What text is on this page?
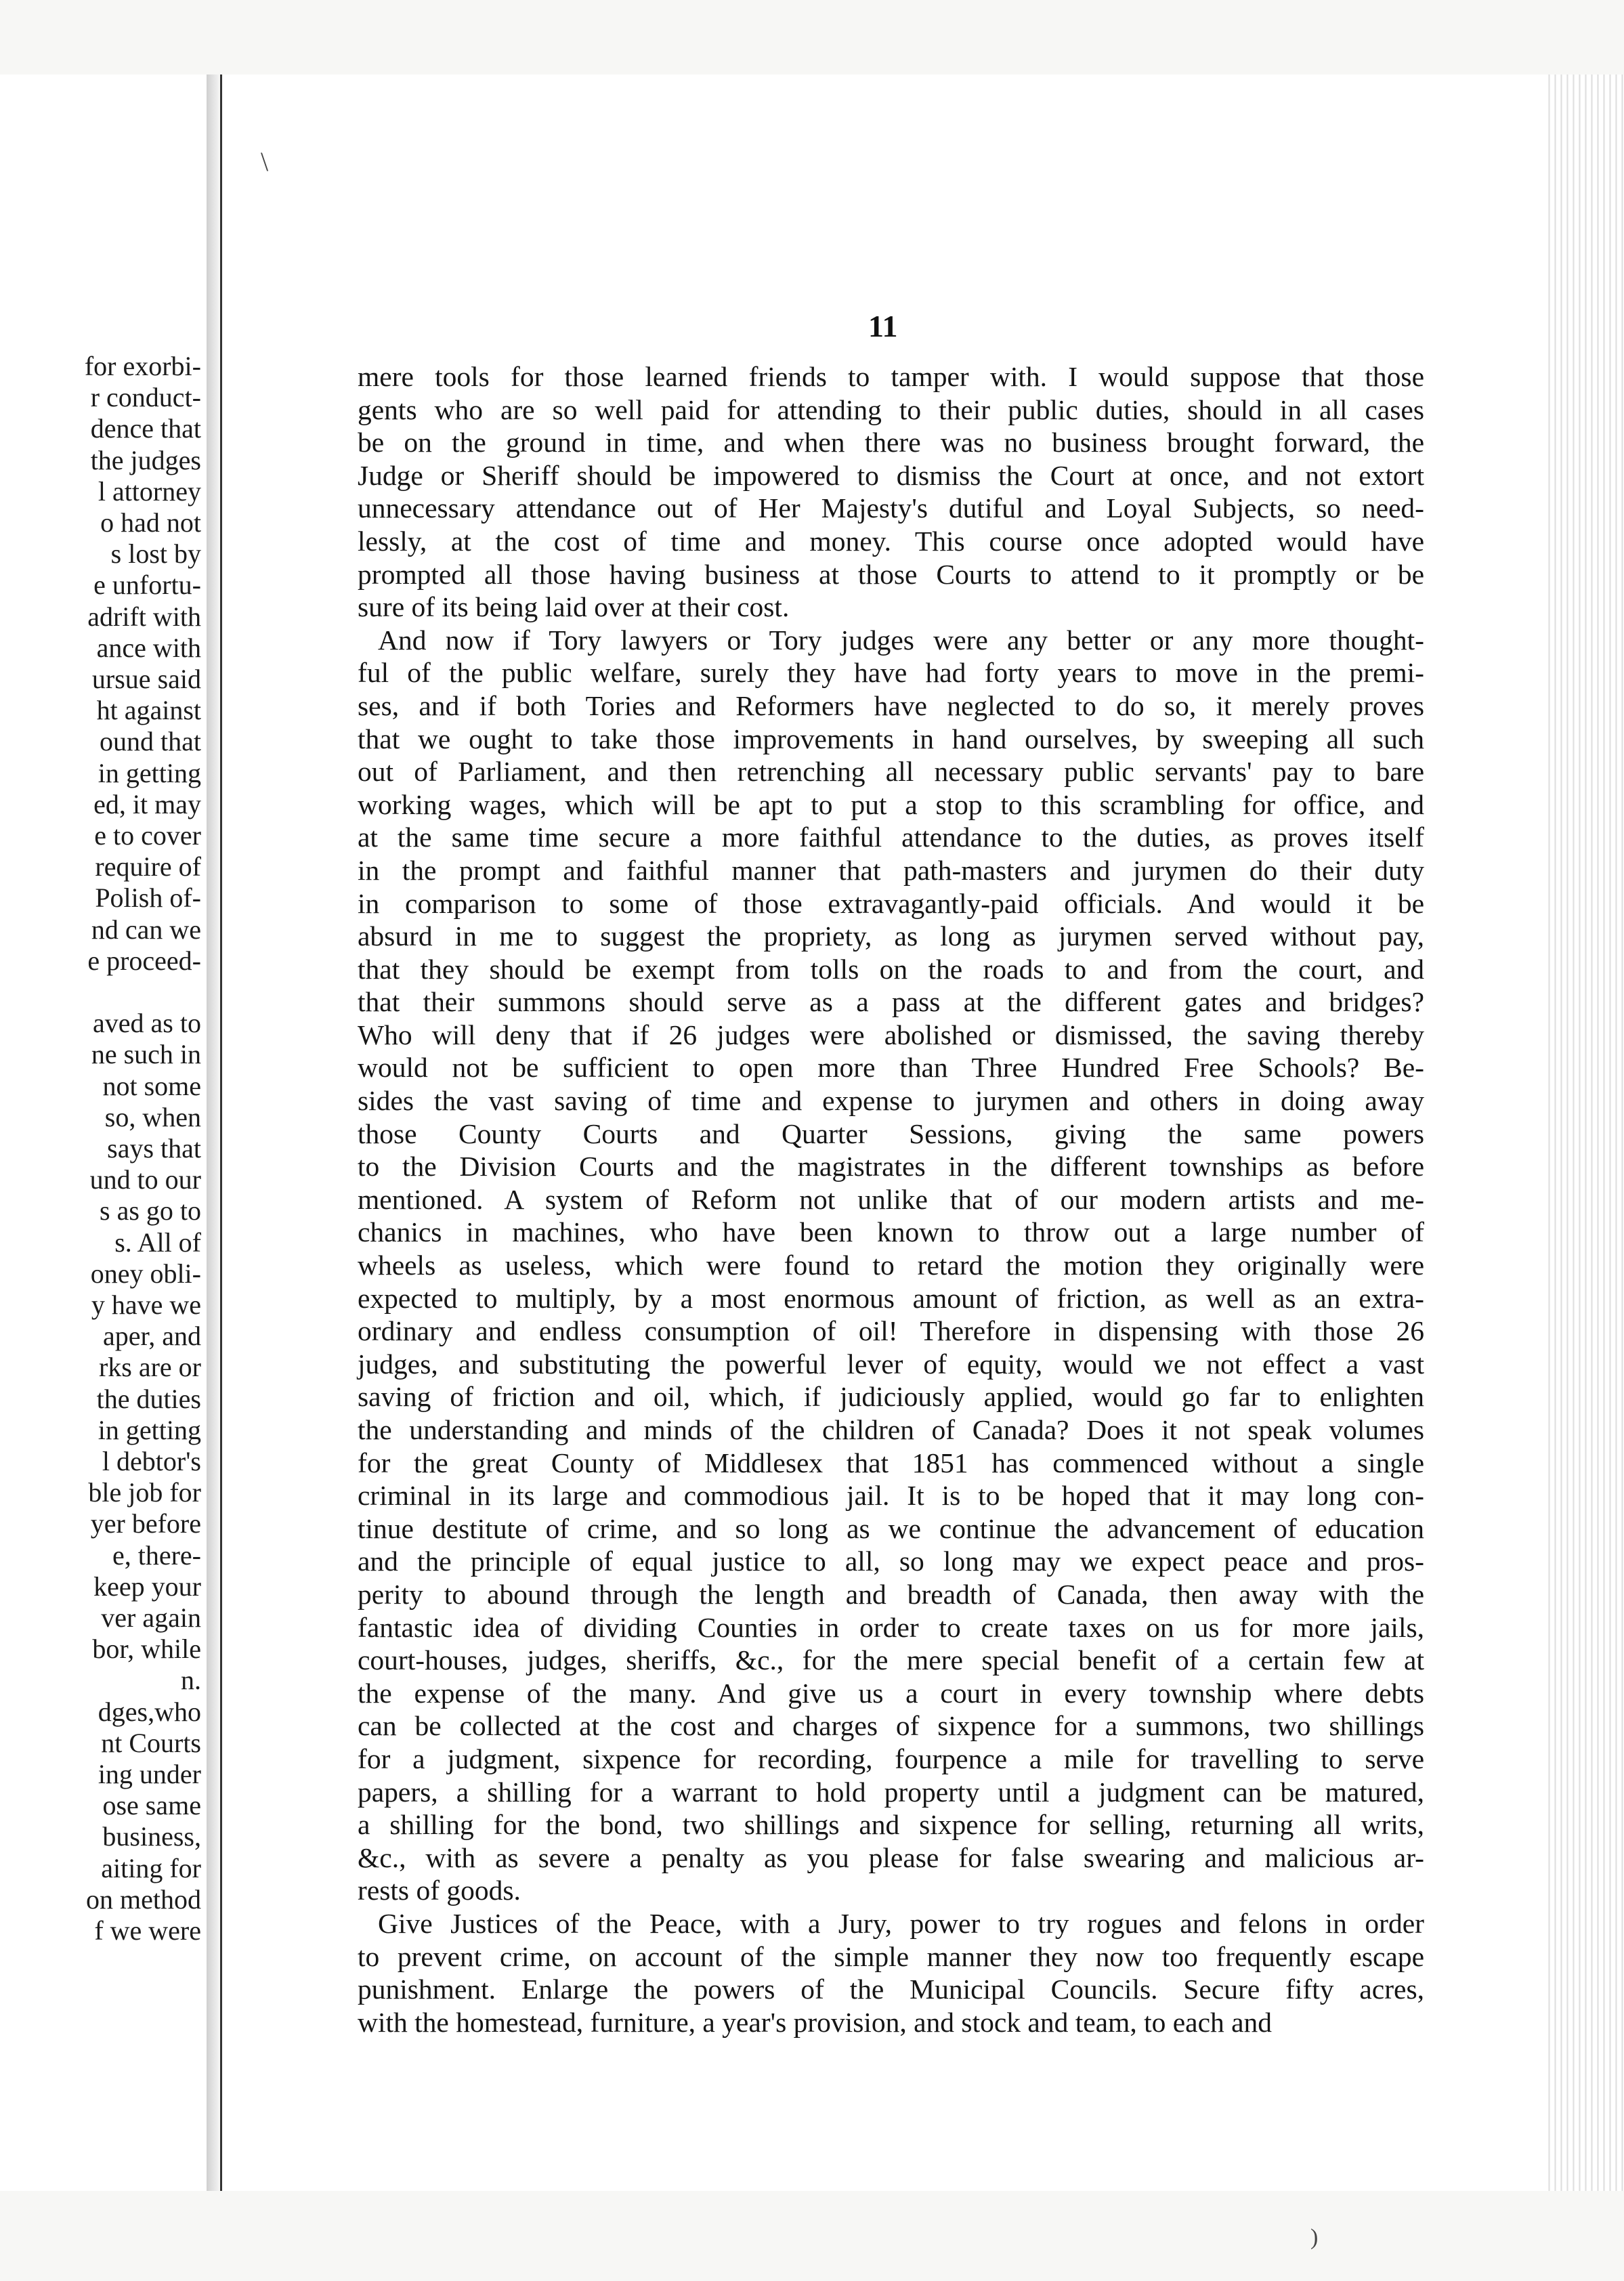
for exorbi-
r conduct-
dence that
the judges
l attorney
o had not
s lost by
e unfortu-
adrift with
ance with
ursue said
ht against
ound that
in getting
ed, it may
e to cover
require of
Polish of-
nd can we
e proceed-
aved as to
ne such in
not some
so, when
says that
und to our
s as go to
s. All of
oney obli-
y have we
aper, and
rks are or
the duties
in getting
l debtor's
ble job for
yer before
e, there-
keep your
ver again
bor, while
n.
dges,who
nt Courts
ing under
ose same
business,
aiting for
on method
f we were
\
)
11
mere tools for those learned friends to tamper with. I would suppose that those
gents who are so well paid for attending to their public duties, should in all cases
be on the ground in time, and when there was no business brought forward, the
Judge or Sheriff should be impowered to dismiss the Court at once, and not extort
unnecessary attendance out of Her Majesty's dutiful and Loyal Subjects, so need-
lessly, at the cost of time and money. This course once adopted would have
prompted all those having business at those Courts to attend to it promptly or be
sure of its being laid over at their cost.
And now if Tory lawyers or Tory judges were any better or any more thought-
ful of the public welfare, surely they have had forty years to move in the premi-
ses, and if both Tories and Reformers have neglected to do so, it merely proves
that we ought to take those improvements in hand ourselves, by sweeping all such
out of Parliament, and then retrenching all necessary public servants' pay to bare
working wages, which will be apt to put a stop to this scrambling for office, and
at the same time secure a more faithful attendance to the duties, as proves itself
in the prompt and faithful manner that path-masters and jurymen do their duty
in comparison to some of those extravagantly-paid officials. And would it be
absurd in me to suggest the propriety, as long as jurymen served without pay,
that they should be exempt from tolls on the roads to and from the court, and
that their summons should serve as a pass at the different gates and bridges?
Who will deny that if 26 judges were abolished or dismissed, the saving thereby
would not be sufficient to open more than Three Hundred Free Schools? Be-
sides the vast saving of time and expense to jurymen and others in doing away
those County Courts and Quarter Sessions, giving the same powers
to the Division Courts and the magistrates in the different townships as before
mentioned. A system of Reform not unlike that of our modern artists and me-
chanics in machines, who have been known to throw out a large number of
wheels as useless, which were found to retard the motion they originally were
expected to multiply, by a most enormous amount of friction, as well as an extra-
ordinary and endless consumption of oil! Therefore in dispensing with those 26
judges, and substituting the powerful lever of equity, would we not effect a vast
saving of friction and oil, which, if judiciously applied, would go far to enlighten
the understanding and minds of the children of Canada? Does it not speak volumes
for the great County of Middlesex that 1851 has commenced without a single
criminal in its large and commodious jail. It is to be hoped that it may long con-
tinue destitute of crime, and so long as we continue the advancement of education
and the principle of equal justice to all, so long may we expect peace and pros-
perity to abound through the length and breadth of Canada, then away with the
fantastic idea of dividing Counties in order to create taxes on us for more jails,
court-houses, judges, sheriffs, &c., for the mere special benefit of a certain few at
the expense of the many. And give us a court in every township where debts
can be collected at the cost and charges of sixpence for a summons, two shillings
for a judgment, sixpence for recording, fourpence a mile for travelling to serve
papers, a shilling for a warrant to hold property until a judgment can be matured,
a shilling for the bond, two shillings and sixpence for selling, returning all writs,
&c., with as severe a penalty as you please for false swearing and malicious ar-
rests of goods.
Give Justices of the Peace, with a Jury, power to try rogues and felons in order
to prevent crime, on account of the simple manner they now too frequently escape
punishment. Enlarge the powers of the Municipal Councils. Secure fifty acres,
with the homestead, furniture, a year's provision, and stock and team, to each and
